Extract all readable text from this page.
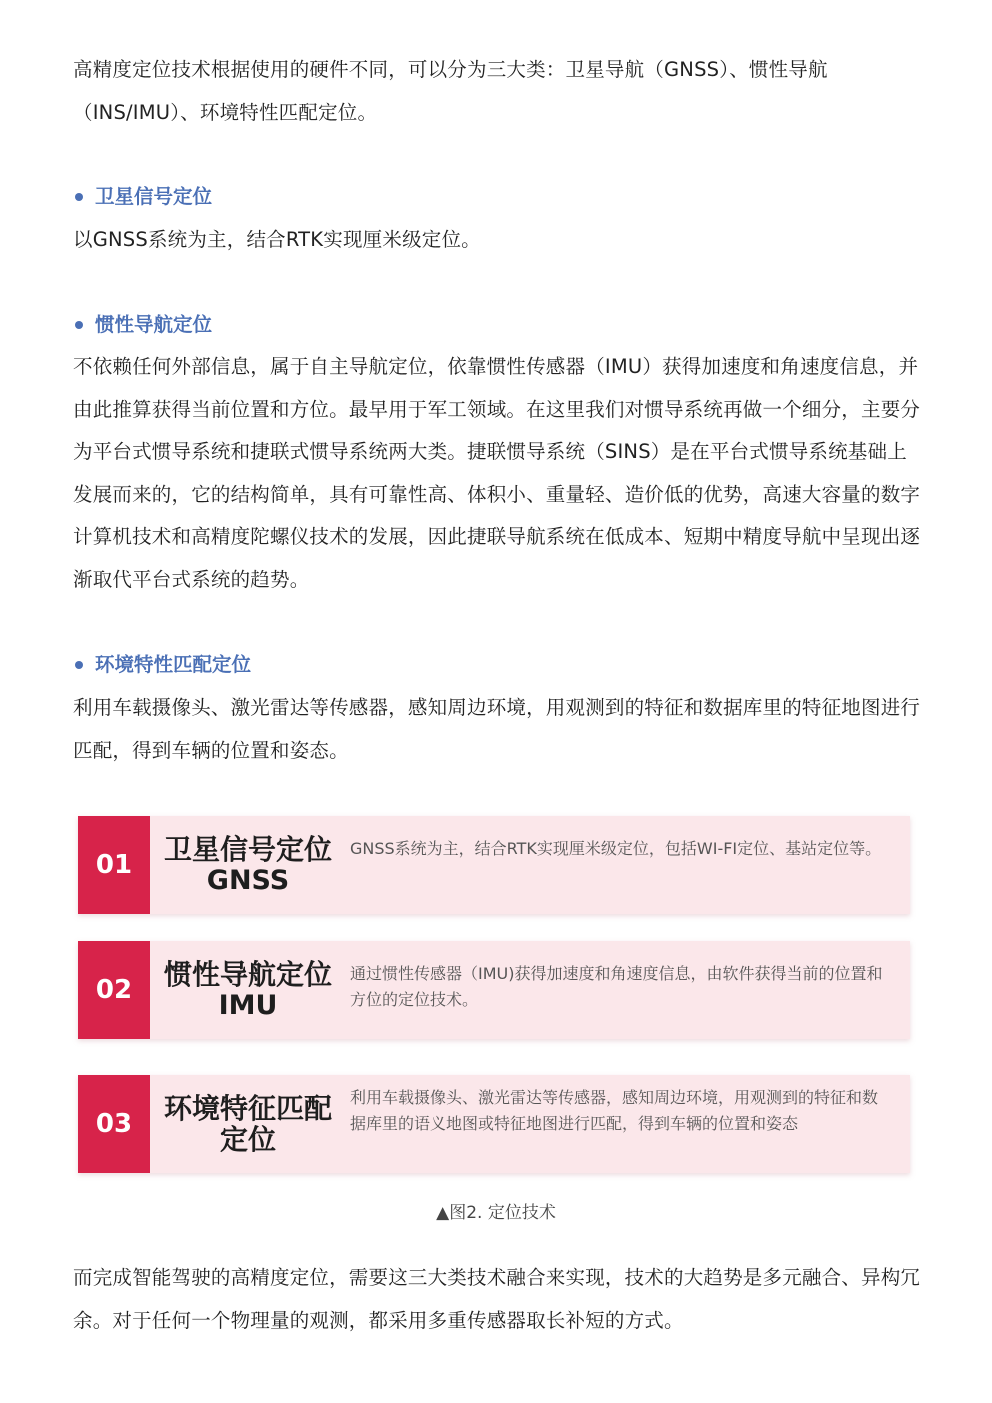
高精度定位技术根据使用的硬件不同，可以分为三大类：卫星导航（GNSS）、惯性导航（INS/IMU）、环境特性匹配定位。

卫星信号定位

以GNSS系统为主，结合RTK实现厘米级定位。

惯性导航定位

不依赖任何外部信息，属于自主导航定位，依靠惯性传感器（IMU）获得加速度和角速度信息，并由此推算获得当前位置和方位。最早用于军工领域。在这里我们对惯导系统再做一个细分，主要分为平台式惯导系统和捷联式惯导系统两大类。捷联惯导系统（SINS）是在平台式惯导系统基础上发展而来的，它的结构简单，具有可靠性高、体积小、重量轻、造价低的优势，高速大容量的数字计算机技术和高精度陀螺仪技术的发展，因此捷联导航系统在低成本、短期中精度导航中呈现出逐渐取代平台式系统的趋势。

环境特性匹配定位

利用车载摄像头、激光雷达等传感器，感知周边环境，用观测到的特征和数据库里的特征地图进行匹配，得到车辆的位置和姿态。

01	卫星信号定位
GNSS
GNSS系统为主，结合RTK实现厘米级定位，包括WI-FI定位、基站定位等。
02	惯性导航定位
IMU
通过惯性传感器（IMU)获得加速度和角速度信息，由软件获得当前的位置和方位的定位技术。
03	环境特征匹配定位
利用车载摄像头、激光雷达等传感器，感知周边环境，用观测到的特征和数据库里的语义地图或特征地图进行匹配，得到车辆的位置和姿态
▲图2. 定位技术

而完成智能驾驶的高精度定位，需要这三大类技术融合来实现，技术的大趋势是多元融合、异构冗余。对于任何一个物理量的观测，都采用多重传感器取长补短的方式。
